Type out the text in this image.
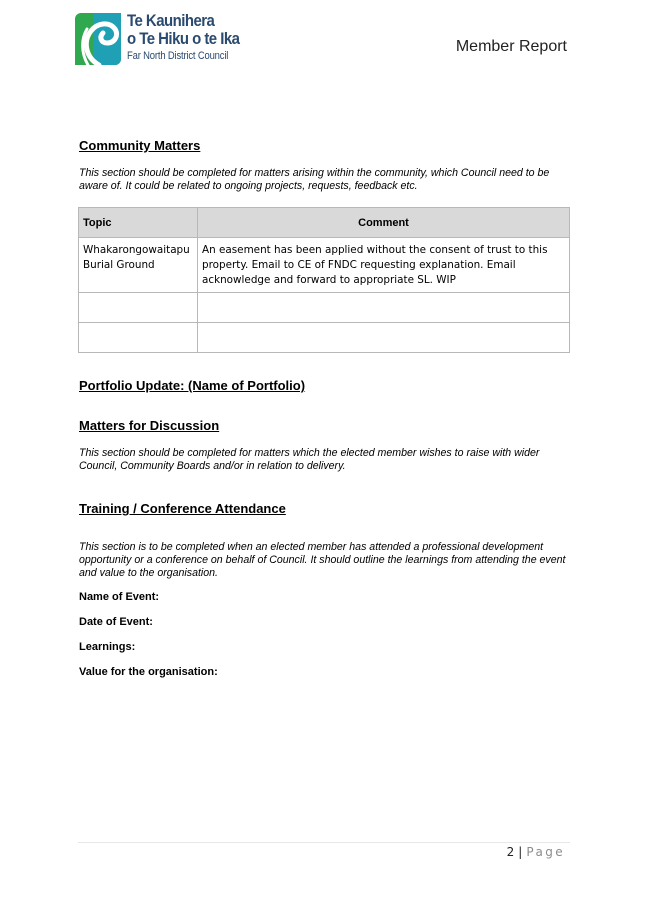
Te Kaunihera
o Te Hiku o te Ika
Far North District Council
Member Report
Community Matters
This section should be completed for matters arising within the community, which Council need to be aware of. It could be related to ongoing projects, requests, feedback etc.
Topic	Comment
Whakarongowaitapu Burial Ground	An easement has been applied without the consent of trust to this property. Email to CE of FNDC requesting explanation. Email acknowledge and forward to appropriate SL. WIP

Portfolio Update: (Name of Portfolio)
Matters for Discussion
This section should be completed for matters which the elected member wishes to raise with wider Council, Community Boards and/or in relation to delivery.
Training / Conference Attendance
This section is to be completed when an elected member has attended a professional development opportunity or a conference on behalf of Council. It should outline the learnings from attending the event and value to the organisation.
Name of Event:
Date of Event:
Learnings:
Value for the organisation:
2 | Page
